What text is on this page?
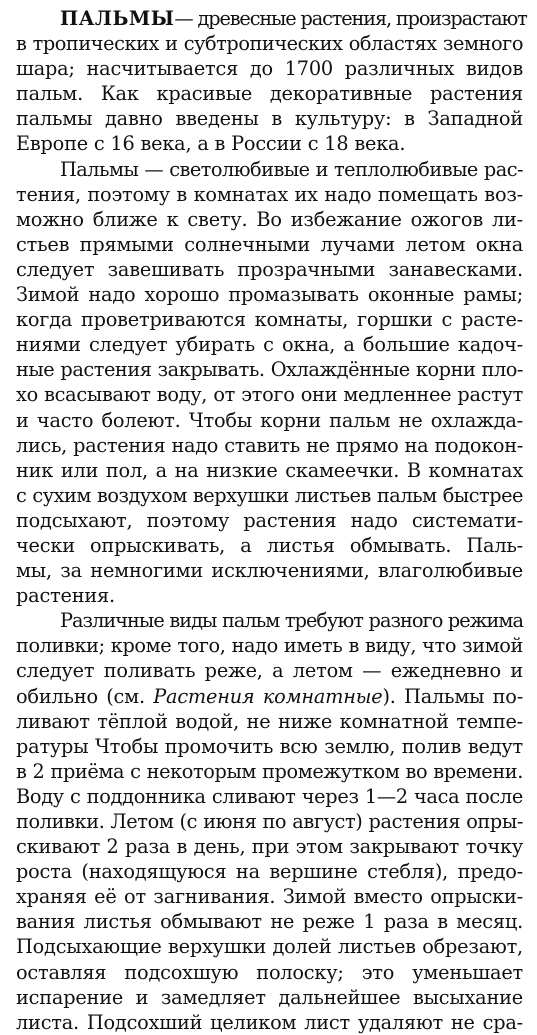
ПАЛЬМЫ— древесные растения, произрастают
в тропических и субтропических областях земного
шара; насчитывается до 1700 различных видов
пальм. Как красивые декоративные растения
пальмы давно введены в культуру: в Западной
Европе с 16 века, а в России с 18 века.
Пальмы — светолюбивые и теплолюбивые рас-
тения, поэтому в комнатах их надо помещать воз-
можно ближе к свету. Во избежание ожогов ли-
стьев прямыми солнечными лучами летом окна
следует завешивать прозрачными занавесками.
Зимой надо хорошо промазывать оконные рамы;
когда проветриваются комнаты, горшки с расте-
ниями следует убирать с окна, а большие кадоч-
ные растения закрывать. Охлаждённые корни пло-
хо всасывают воду, от этого они медленнее растут
и часто болеют. Чтобы корни пальм не охлажда-
лись, растения надо ставить не прямо на подокон-
ник или пол, а на низкие скамеечки. В комнатах
с сухим воздухом верхушки листьев пальм быстрее
подсыхают, поэтому растения надо системати-
чески опрыскивать, а листья обмывать. Паль-
мы, за немногими исключениями, влаголюбивые
растения.
Различные виды пальм требуют разного режима
поливки; кроме того, надо иметь в виду, что зимой
следует поливать реже, а летом — ежедневно и
обильно (см. Растения комнатные). Пальмы по-
ливают тёплой водой, не ниже комнатной темпе-
ратуры Чтобы промочить всю землю, полив ведут
в 2 приёма с некоторым промежутком во времени.
Воду с поддонника сливают через 1—2 часа после
поливки. Летом (с июня по август) растения опры-
скивают 2 раза в день, при этом закрывают точку
роста (находящуюся на вершине стебля), предо-
храняя её от загнивания. Зимой вместо опрыски-
вания листья обмывают не реже 1 раза в месяц.
Подсыхающие верхушки долей листьев обрезают,
оставляя подсохшую полоску; это уменьшает
испарение и замедляет дальнейшее высыхание
листа. Подсохший целиком лист удаляют не сра-
